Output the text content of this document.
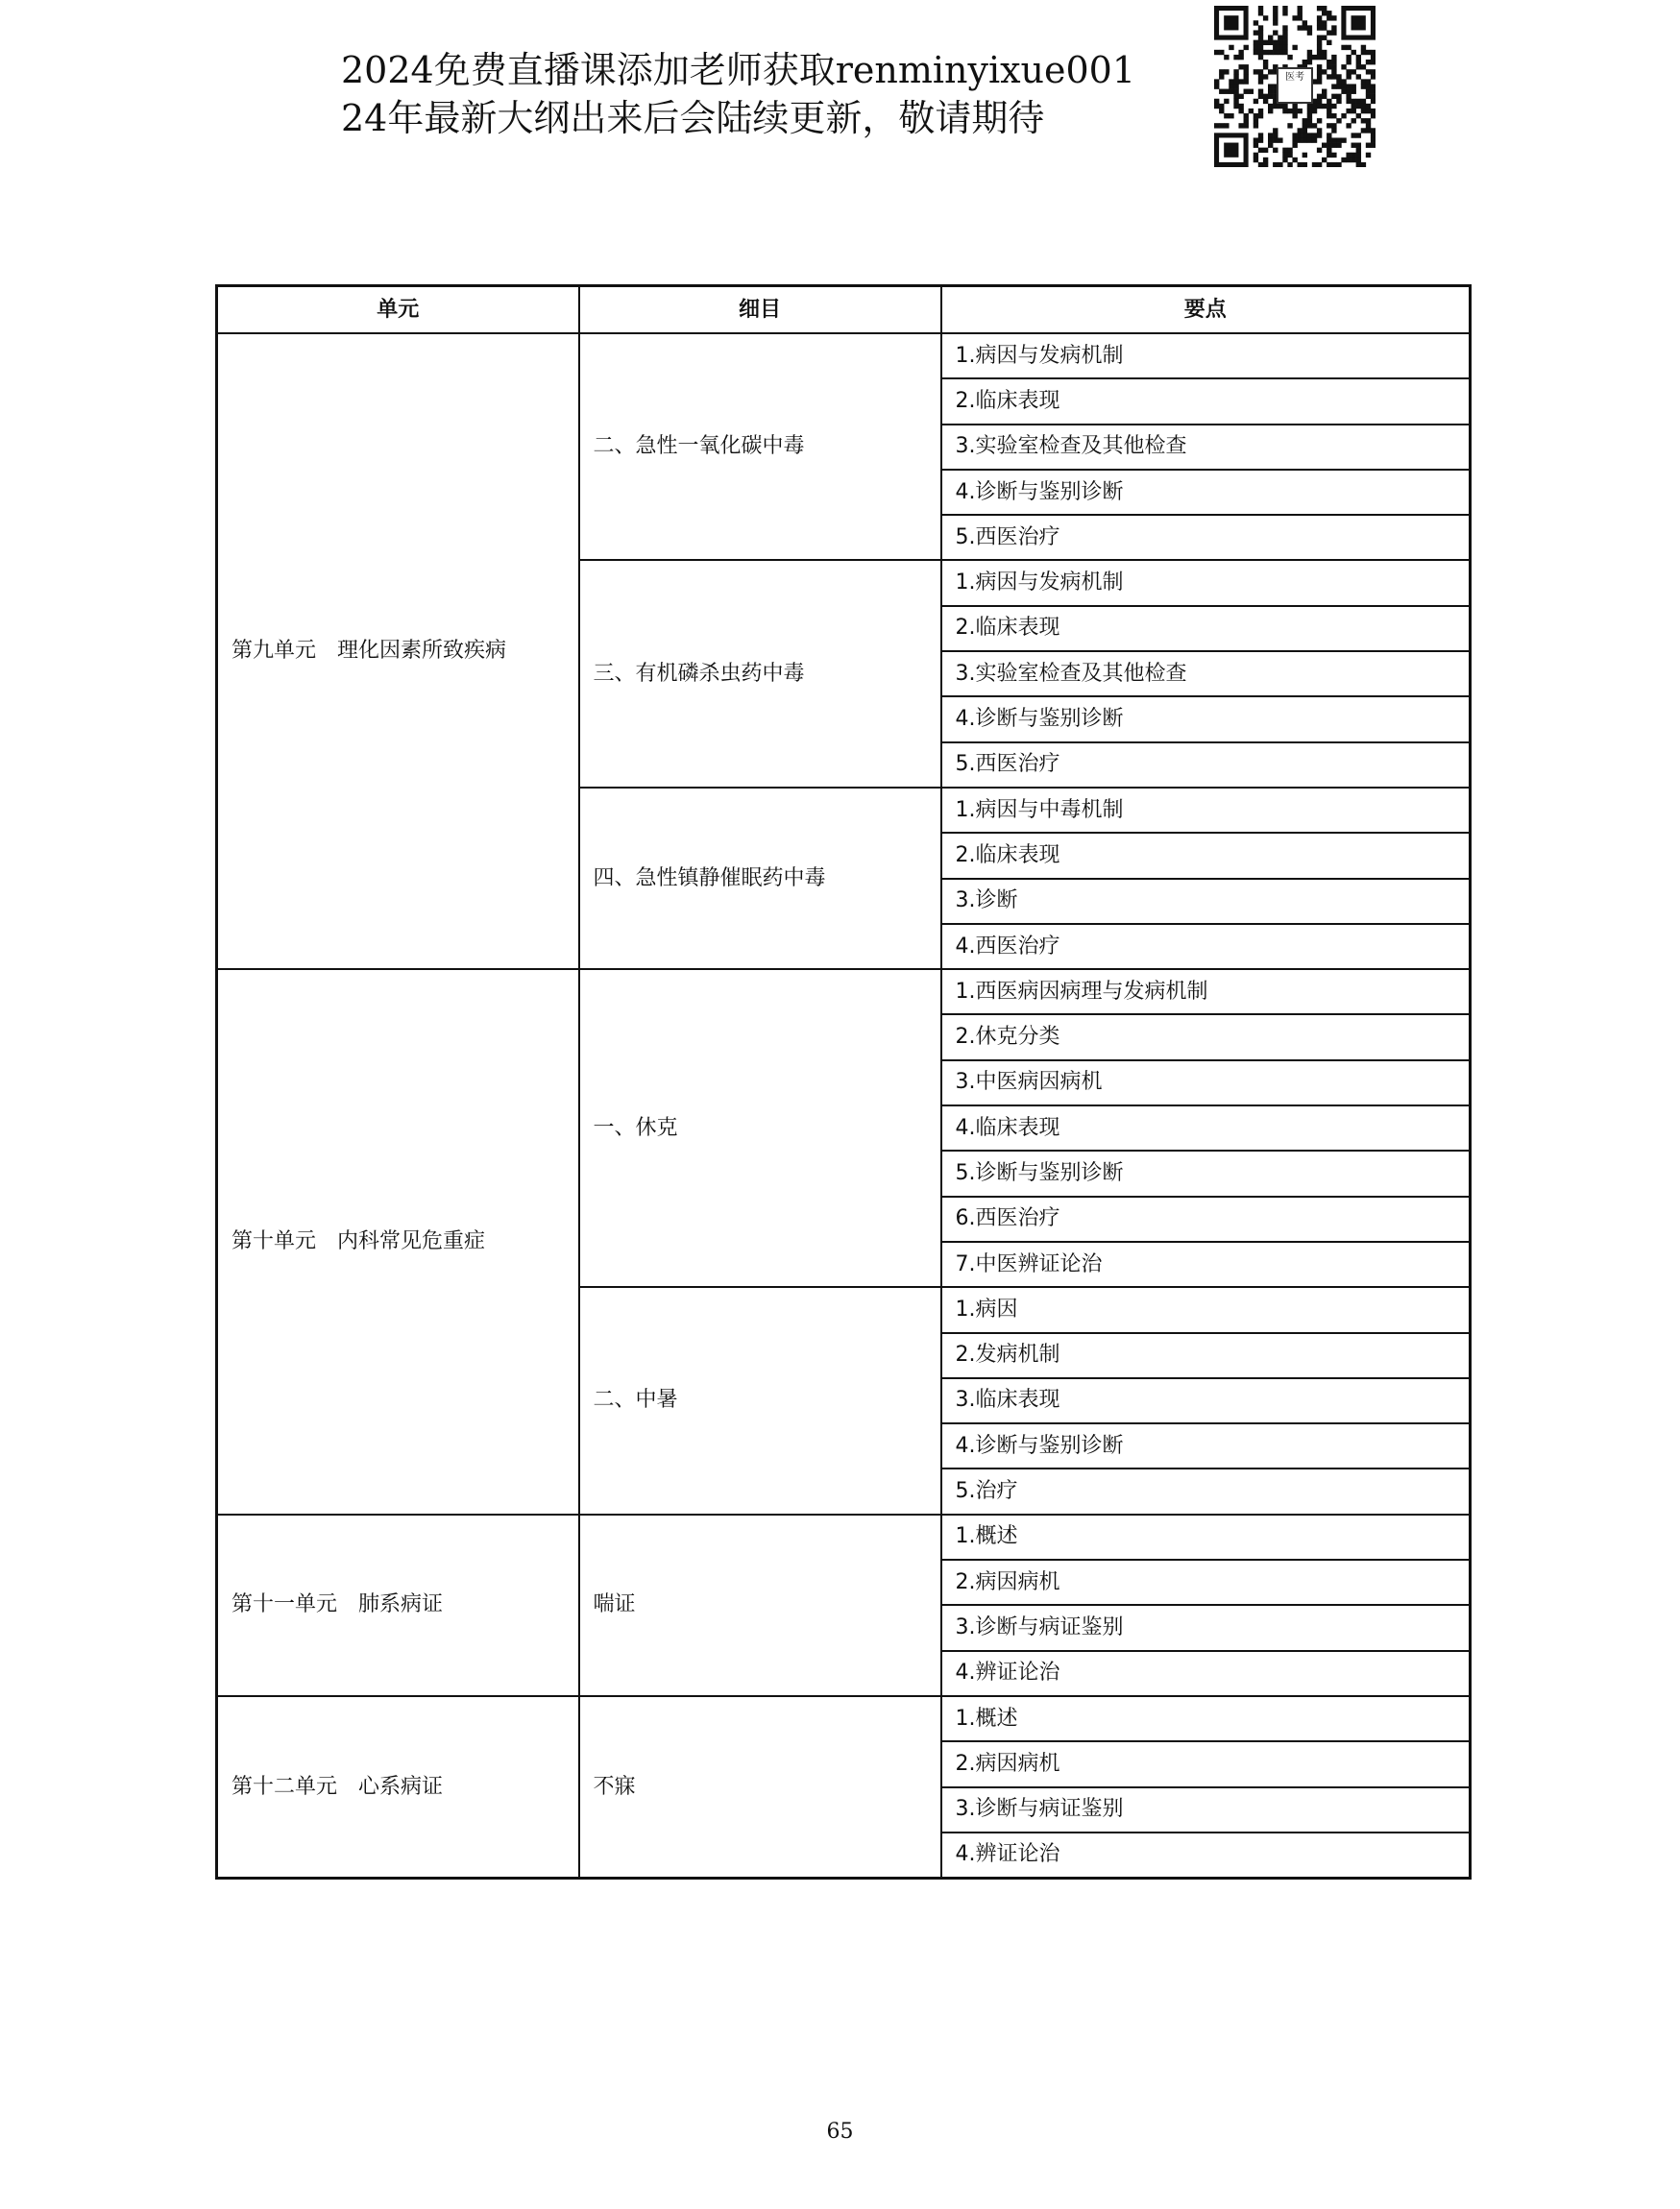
2024免费直播课添加老师获取renminyixue001
24年最新大纲出来后会陆续更新，敬请期待
医考
单元	细目	要点
第九单元　理化因素所致疾病	二、急性一氧化碳中毒	1.病因与发病机制
		2.临床表现
		3.实验室检查及其他检查
		4.诊断与鉴别诊断
		5.西医治疗
	三、有机磷杀虫药中毒	1.病因与发病机制
		2.临床表现
		3.实验室检查及其他检查
		4.诊断与鉴别诊断
		5.西医治疗
	四、急性镇静催眠药中毒	1.病因与中毒机制
		2.临床表现
		3.诊断
		4.西医治疗
第十单元　内科常见危重症	一、休克	1.西医病因病理与发病机制
		2.休克分类
		3.中医病因病机
		4.临床表现
		5.诊断与鉴别诊断
		6.西医治疗
		7.中医辨证论治
	二、中暑	1.病因
		2.发病机制
		3.临床表现
		4.诊断与鉴别诊断
		5.治疗
第十一单元　肺系病证	喘证	1.概述
		2.病因病机
		3.诊断与病证鉴别
		4.辨证论治
第十二单元　心系病证	不寐	1.概述
		2.病因病机
		3.诊断与病证鉴别
		4.辨证论治
65
